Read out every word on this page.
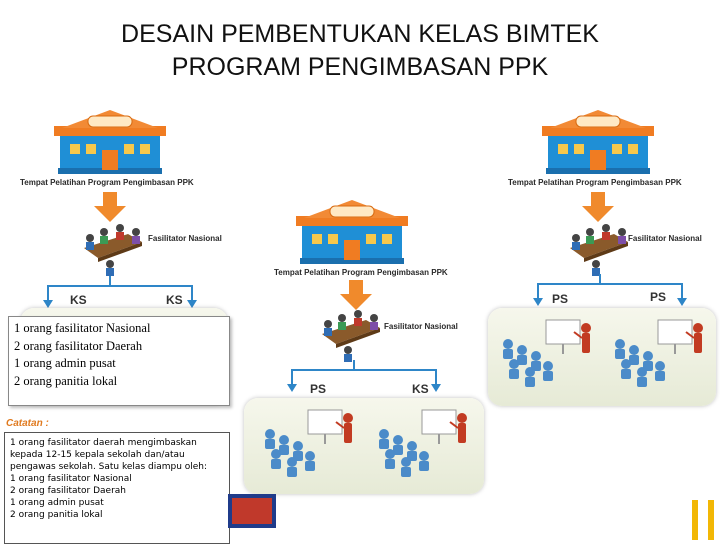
DESAIN PEMBENTUKAN KELAS BIMTEK
PROGRAM PENGIMBASAN PPK
Tempat Pelatihan Program Pengimbasan PPK
Fasilitator Nasional
KS	KS
1 orang fasilitator Nasional
2 orang fasilitator Daerah
1 orang admin pusat
2 orang panitia lokal
Tempat Pelatihan Program Pengimbasan PPK
Fasilitator Nasional
PS	KS
Tempat Pelatihan Program Pengimbasan PPK
Fasilitator Nasional
PS	PS
Catatan :

1 orang fasilitator daerah mengimbaskan kepada 12-15 kepala sekolah dan/atau pengawas sekolah. Satu kelas diampu oleh:

1 orang fasilitator Nasional
2 orang fasilitator Daerah
1 orang admin pusat
2 orang panitia lokal
